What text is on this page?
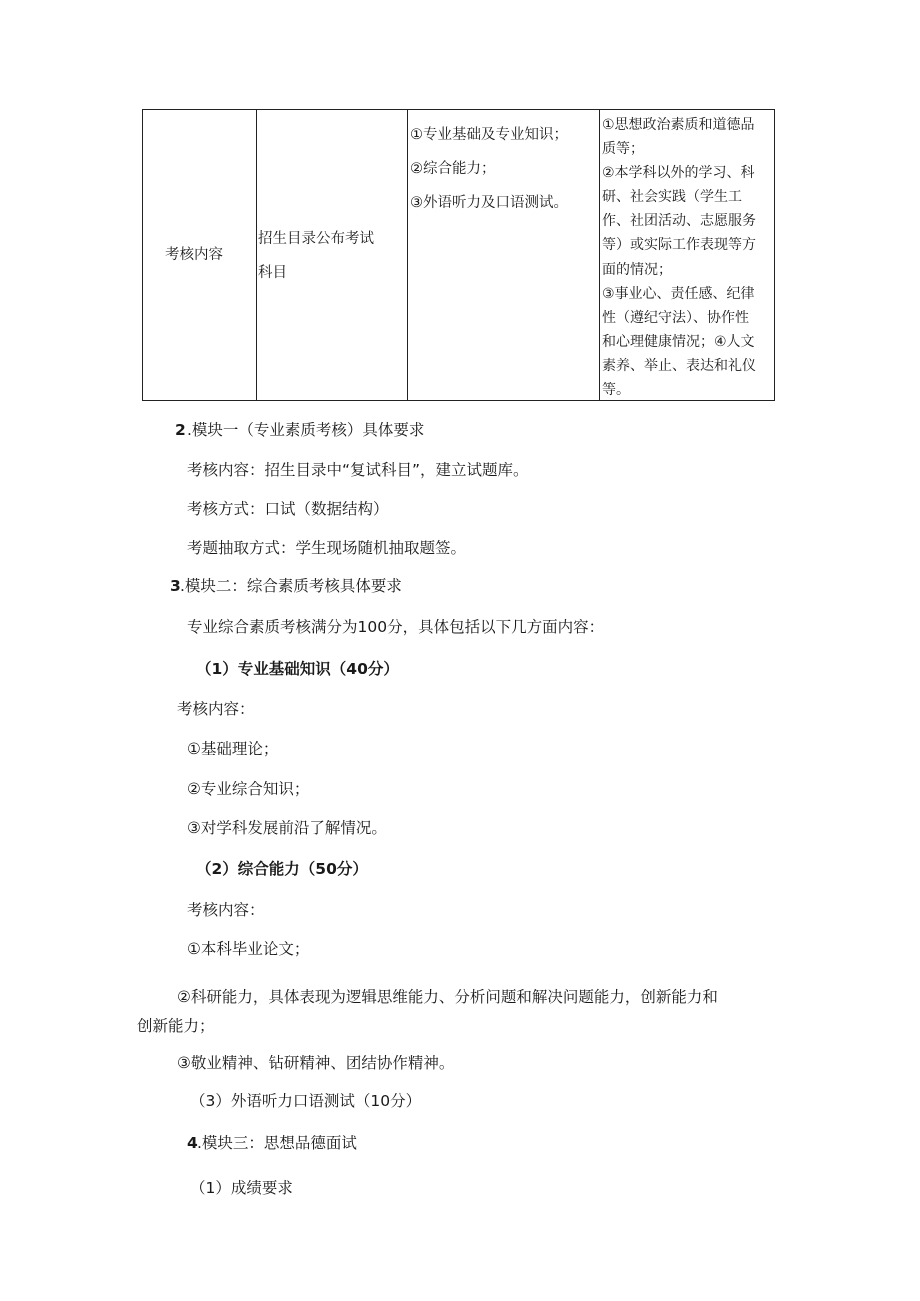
考核内容
招生目录公布考试
科目
①专业基础及专业知识；
②综合能力；
③外语听力及口语测试。
①思想政治素质和道德品
质等；
②本学科以外的学习、科
研、社会实践（学生工
作、社团活动、志愿服务
等）或实际工作表现等方
面的情况；
③事业心、责任感、纪律
性（遵纪守法）、协作性
和心理健康情况；④人文
素养、举止、表达和礼仪
等。
2 .模块一（专业素质考核）具体要求
考核内容：招生目录中“复试科目”，建立试题库。
考核方式：口试（数据结构）
考题抽取方式：学生现场随机抽取题签。
3 .模块二：综合素质考核具体要求
专业综合素质考核满分为100分，具体包括以下几方面内容：
（1）专业基础知识（40分）
考核内容：
①基础理论；
②专业综合知识；
③对学科发展前沿了解情况。
（2）综合能力（50分）
考核内容：
①本科毕业论文；
②科研能力，具体表现为逻辑思维能力、分析问题和解决问题能力，创新能力和
创新能力；
③敬业精神、钻研精神、团结协作精神。
（3）外语听力口语测试（10分）
4 .模块三：思想品德面试
（1）成绩要求
